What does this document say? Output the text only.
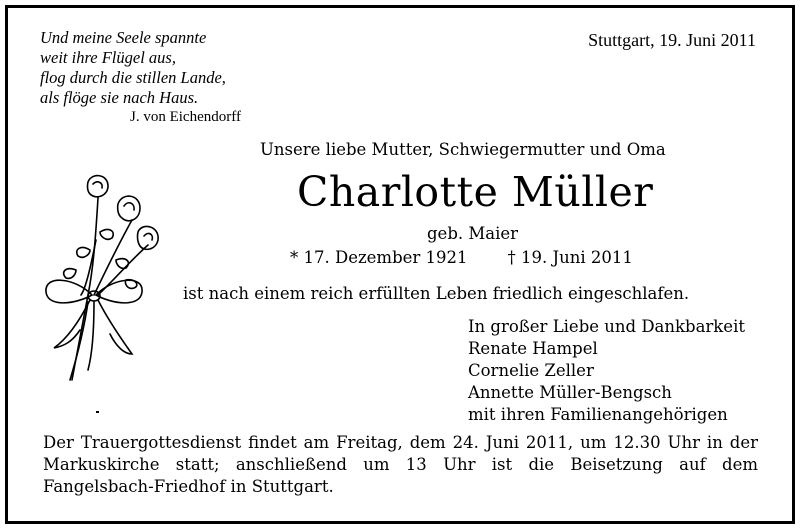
Und meine Seele spannte
weit ihre Flügel aus,
flog durch die stillen Lande,
als flöge sie nach Haus.
J. von Eichendorff
Stuttgart, 19. Juni 2011
Unsere liebe Mutter, Schwiegermutter und Oma
Charlotte Müller
geb. Maier
* 17. Dezember 1921 † 19. Juni 2011
ist nach einem reich erfüllten Leben friedlich eingeschlafen.
In großer Liebe und Dankbarkeit
Renate Hampel
Cornelie Zeller
Annette Müller-Bengsch
mit ihren Familienangehörigen
Der Trauergottesdienst findet am Freitag, dem 24. Juni 2011, um 12.30 Uhr in der Markuskirche statt; anschließend um 13 Uhr ist die Beisetzung auf dem Fangelsbach-Friedhof in Stuttgart.
